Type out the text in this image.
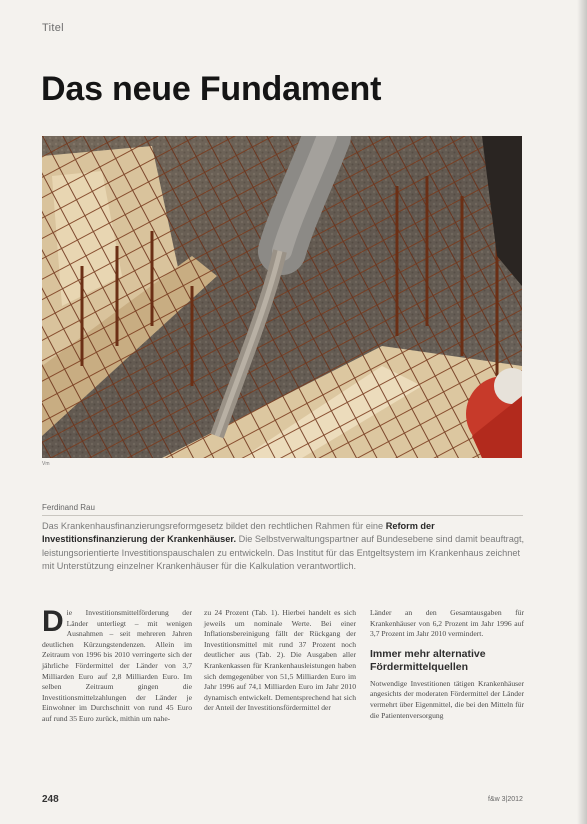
Titel
Das neue Fundament
Vm
Ferdinand Rau
Das Krankenhausfinanzierungsreformgesetz bildet den rechtlichen Rahmen für eine Reform der Investitionsfinanzierung der Krankenhäuser. Die Selbstverwaltungspartner auf Bundesebene sind damit beauftragt, leistungsorientierte Investitionspauschalen zu entwickeln. Das Institut für das Entgeltsystem im Krankenhaus zeichnet mit Unterstützung einzelner Krankenhäuser für die Kalkulation verantwortlich.
Die Investitionsmittelförderung der Länder unterliegt – mit wenigen Ausnahmen – seit mehreren Jahren deutlichen Kürzungstendenzen. Allein im Zeitraum von 1996 bis 2010 verringerte sich der jährliche Fördermittel der Länder von 3,7 Milliarden Euro auf 2,8 Milliarden Euro. Im selben Zeitraum gingen die Investitionsmittelzahlungen der Länder je Einwohner im Durchschnitt von rund 45 Euro auf rund 35 Euro zurück, mithin um nahe-
zu 24 Prozent (Tab. 1). Hierbei handelt es sich jeweils um nominale Werte. Bei einer Inflationsbereinigung fällt der Rückgang der Investitionsmittel mit rund 37 Prozent noch deutlicher aus (Tab. 2). Die Ausgaben aller Krankenkassen für Krankenhausleistungen haben sich demgegenüber von 51,5 Milliarden Euro im Jahr 1996 auf 74,1 Milliarden Euro im Jahr 2010 dynamisch entwickelt. Dementsprechend hat sich der Anteil der Investitionsfördermittel der
Länder an den Gesamtausgaben für Krankenhäuser von 6,2 Prozent im Jahr 1996 auf 3,7 Prozent im Jahr 2010 vermindert.
Immer mehr alternative Fördermittelquellen
Notwendige Investitionen tätigen Krankenhäuser angesichts der moderaten Fördermittel der Länder vermehrt über Eigenmittel, die bei den Mitteln für die Patientenversorgung
248	f&w 3|2012
